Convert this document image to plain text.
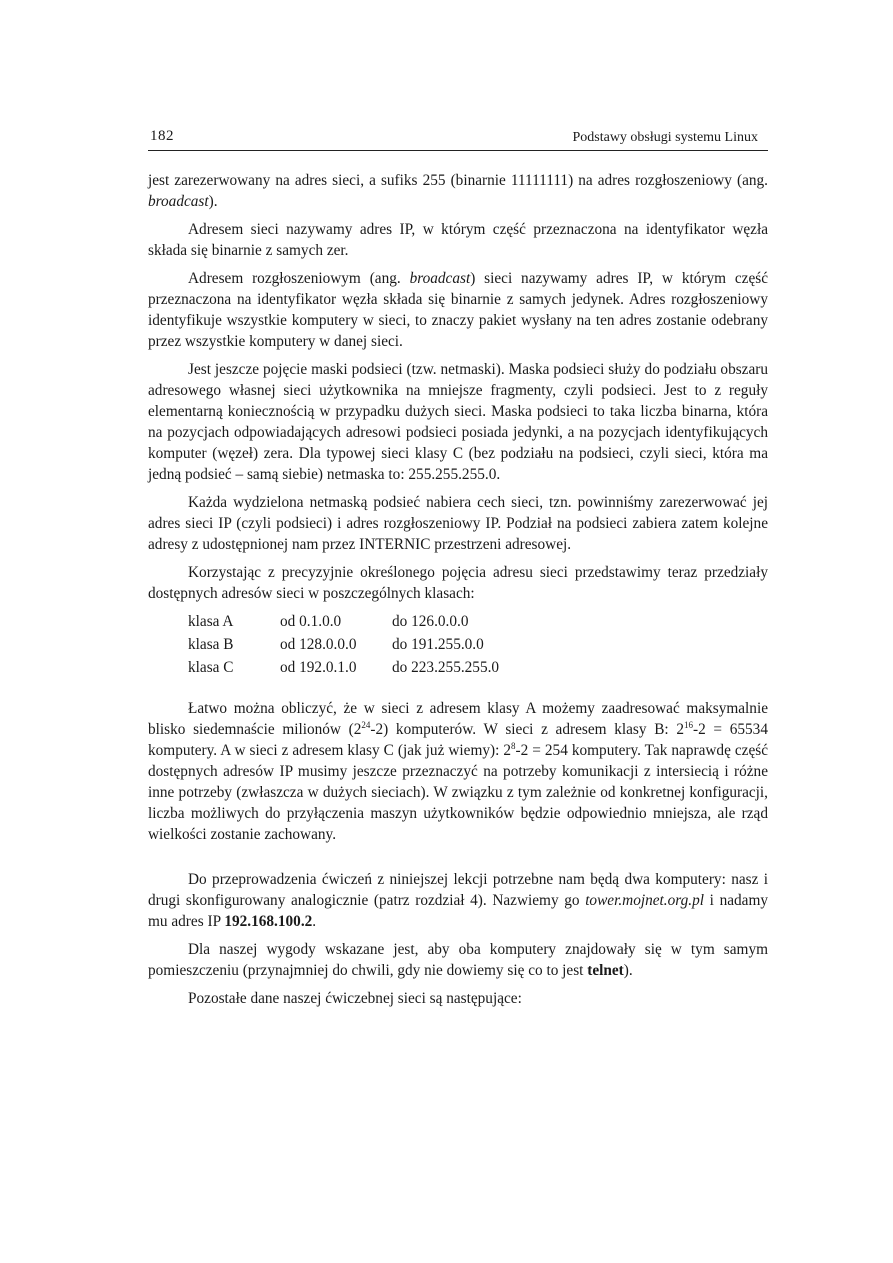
182	Podstawy obsługi systemu Linux

jest zarezerwowany na adres sieci, a sufiks 255 (binarnie 11111111) na adres rozgłoszeniowy (ang. broadcast).

Adresem sieci nazywamy adres IP, w którym część przeznaczona na identyfikator węzła składa się binarnie z samych zer.

Adresem rozgłoszeniowym (ang. broadcast) sieci nazywamy adres IP, w którym część przeznaczona na identyfikator węzła składa się binarnie z samych jedynek. Adres rozgłoszeniowy identyfikuje wszystkie komputery w sieci, to znaczy pakiet wysłany na ten adres zostanie odebrany przez wszystkie komputery w danej sieci.

Jest jeszcze pojęcie maski podsieci (tzw. netmaski). Maska podsieci służy do podziału obszaru adresowego własnej sieci użytkownika na mniejsze fragmenty, czyli podsieci. Jest to z reguły elementarną koniecznością w przypadku dużych sieci. Maska podsieci to taka liczba binarna, która na pozycjach odpowiadających adresowi podsieci posiada jedynki, a na pozycjach identyfikujących komputer (węzeł) zera. Dla typowej sieci klasy C (bez podziału na podsieci, czyli sieci, która ma jedną podsieć – samą siebie) netmaska to: 255.255.255.0.

Każda wydzielona netmaską podsieć nabiera cech sieci, tzn. powinniśmy zarezerwować jej adres sieci IP (czyli podsieci) i adres rozgłoszeniowy IP. Podział na podsieci zabiera zatem kolejne adresy z udostępnionej nam przez INTERNIC przestrzeni adresowej.

Korzystając z precyzyjnie określonego pojęcia adresu sieci przedstawimy teraz przedziały dostępnych adresów sieci w poszczególnych klasach:

klasa A	od 0.1.0.0	do 126.0.0.0
klasa B	od 128.0.0.0	do 191.255.0.0
klasa C	od 192.0.1.0	do 223.255.255.0

Łatwo można obliczyć, że w sieci z adresem klasy A możemy zaadresować maksymalnie blisko siedemnaście milionów $(2^{24}-2)$ komputerów. W sieci z adresem klasy B: $2^{16}-2 = 65534$ komputery. A w sieci z adresem klasy C (jak już wiemy): $2^8-2 = 254$ komputery. Tak naprawdę część dostępnych adresów IP musimy jeszcze przeznaczyć na potrzeby komunikacji z intersiecią i różne inne potrzeby (zwłaszcza w dużych sieciach). W związku z tym zależnie od konkretnej konfiguracji, liczba możliwych do przyłączenia maszyn użytkowników będzie odpowiednio mniejsza, ale rząd wielkości zostanie zachowany.

Do przeprowadzenia ćwiczeń z niniejszej lekcji potrzebne nam będą dwa komputery: nasz i drugi skonfigurowany analogicznie (patrz rozdział 4). Nazwiemy go tower.mojnet.org.pl i nadamy mu adres IP 192.168.100.2.

Dla naszej wygody wskazane jest, aby oba komputery znajdowały się w tym samym pomieszczeniu (przynajmniej do chwili, gdy nie dowiemy się co to jest telnet).

Pozostałe dane naszej ćwiczebnej sieci są następujące:
